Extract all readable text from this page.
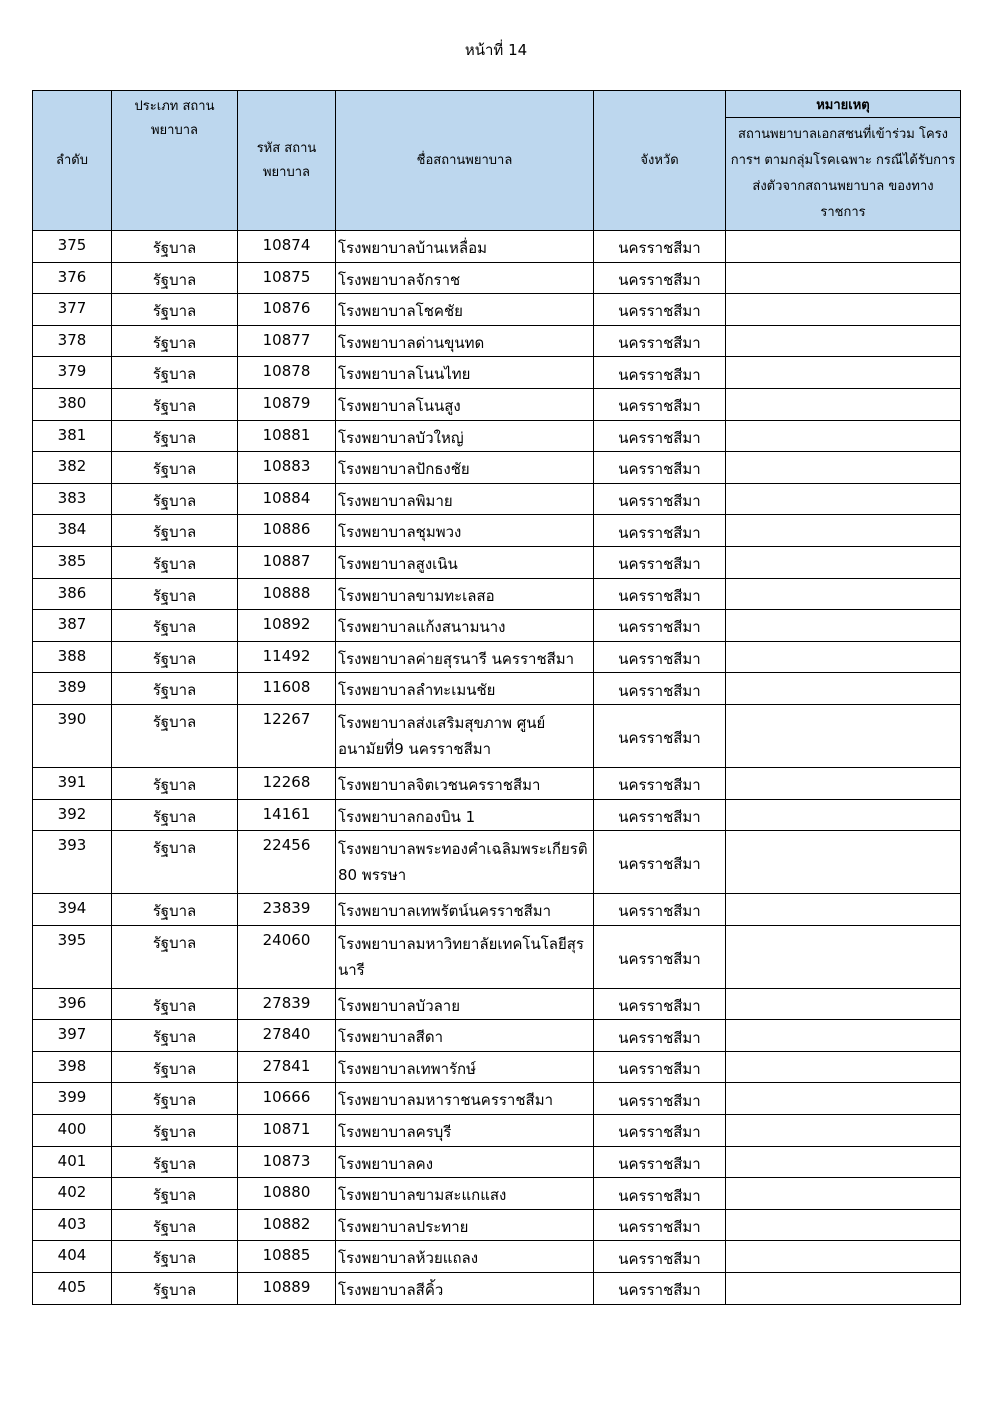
หน้าที่ 14
ลำดับ	ประเภท สถานพยาบาล	รหัส สถานพยาบาล	ชื่อสถานพยาบาล	จังหวัด	หมายเหตุ
					สถานพยาบาลเอกสชนที่เข้าร่วม โครงการฯ ตามกลุ่มโรคเฉพาะ กรณีได้รับการส่งตัวจากสถานพยาบาล ของทางราชการ
375	รัฐบาล	10874	โรงพยาบาลบ้านเหลื่อม	นครราชสีมา	
376	รัฐบาล	10875	โรงพยาบาลจักราช	นครราชสีมา	
377	รัฐบาล	10876	โรงพยาบาลโชคชัย	นครราชสีมา	
378	รัฐบาล	10877	โรงพยาบาลด่านขุนทด	นครราชสีมา	
379	รัฐบาล	10878	โรงพยาบาลโนนไทย	นครราชสีมา	
380	รัฐบาล	10879	โรงพยาบาลโนนสูง	นครราชสีมา	
381	รัฐบาล	10881	โรงพยาบาลบัวใหญ่	นครราชสีมา	
382	รัฐบาล	10883	โรงพยาบาลปักธงชัย	นครราชสีมา	
383	รัฐบาล	10884	โรงพยาบาลพิมาย	นครราชสีมา	
384	รัฐบาล	10886	โรงพยาบาลชุมพวง	นครราชสีมา	
385	รัฐบาล	10887	โรงพยาบาลสูงเนิน	นครราชสีมา	
386	รัฐบาล	10888	โรงพยาบาลขามทะเลสอ	นครราชสีมา	
387	รัฐบาล	10892	โรงพยาบาลแก้งสนามนาง	นครราชสีมา	
388	รัฐบาล	11492	โรงพยาบาลค่ายสุรนารี นครราชสีมา	นครราชสีมา	
389	รัฐบาล	11608	โรงพยาบาลลำทะเมนชัย	นครราชสีมา	
390	รัฐบาล	12267	โรงพยาบาลส่งเสริมสุขภาพ ศูนย์อนามัยที่9 นครราชสีมา	นครราชสีมา	
391	รัฐบาล	12268	โรงพยาบาลจิตเวชนครราชสีมา	นครราชสีมา	
392	รัฐบาล	14161	โรงพยาบาลกองบิน 1	นครราชสีมา	
393	รัฐบาล	22456	โรงพยาบาลพระทองคำเฉลิมพระเกียรติ 80 พรรษา	นครราชสีมา	
394	รัฐบาล	23839	โรงพยาบาลเทพรัตน์นครราชสีมา	นครราชสีมา	
395	รัฐบาล	24060	โรงพยาบาลมหาวิทยาลัยเทคโนโลยีสุรนารี	นครราชสีมา	
396	รัฐบาล	27839	โรงพยาบาลบัวลาย	นครราชสีมา	
397	รัฐบาล	27840	โรงพยาบาลสีดา	นครราชสีมา	
398	รัฐบาล	27841	โรงพยาบาลเทพารักษ์	นครราชสีมา	
399	รัฐบาล	10666	โรงพยาบาลมหาราชนครราชสีมา	นครราชสีมา	
400	รัฐบาล	10871	โรงพยาบาลครบุรี	นครราชสีมา	
401	รัฐบาล	10873	โรงพยาบาลคง	นครราชสีมา	
402	รัฐบาล	10880	โรงพยาบาลขามสะแกแสง	นครราชสีมา	
403	รัฐบาล	10882	โรงพยาบาลประทาย	นครราชสีมา	
404	รัฐบาล	10885	โรงพยาบาลห้วยแถลง	นครราชสีมา	
405	รัฐบาล	10889	โรงพยาบาลสีคิ้ว	นครราชสีมา	
